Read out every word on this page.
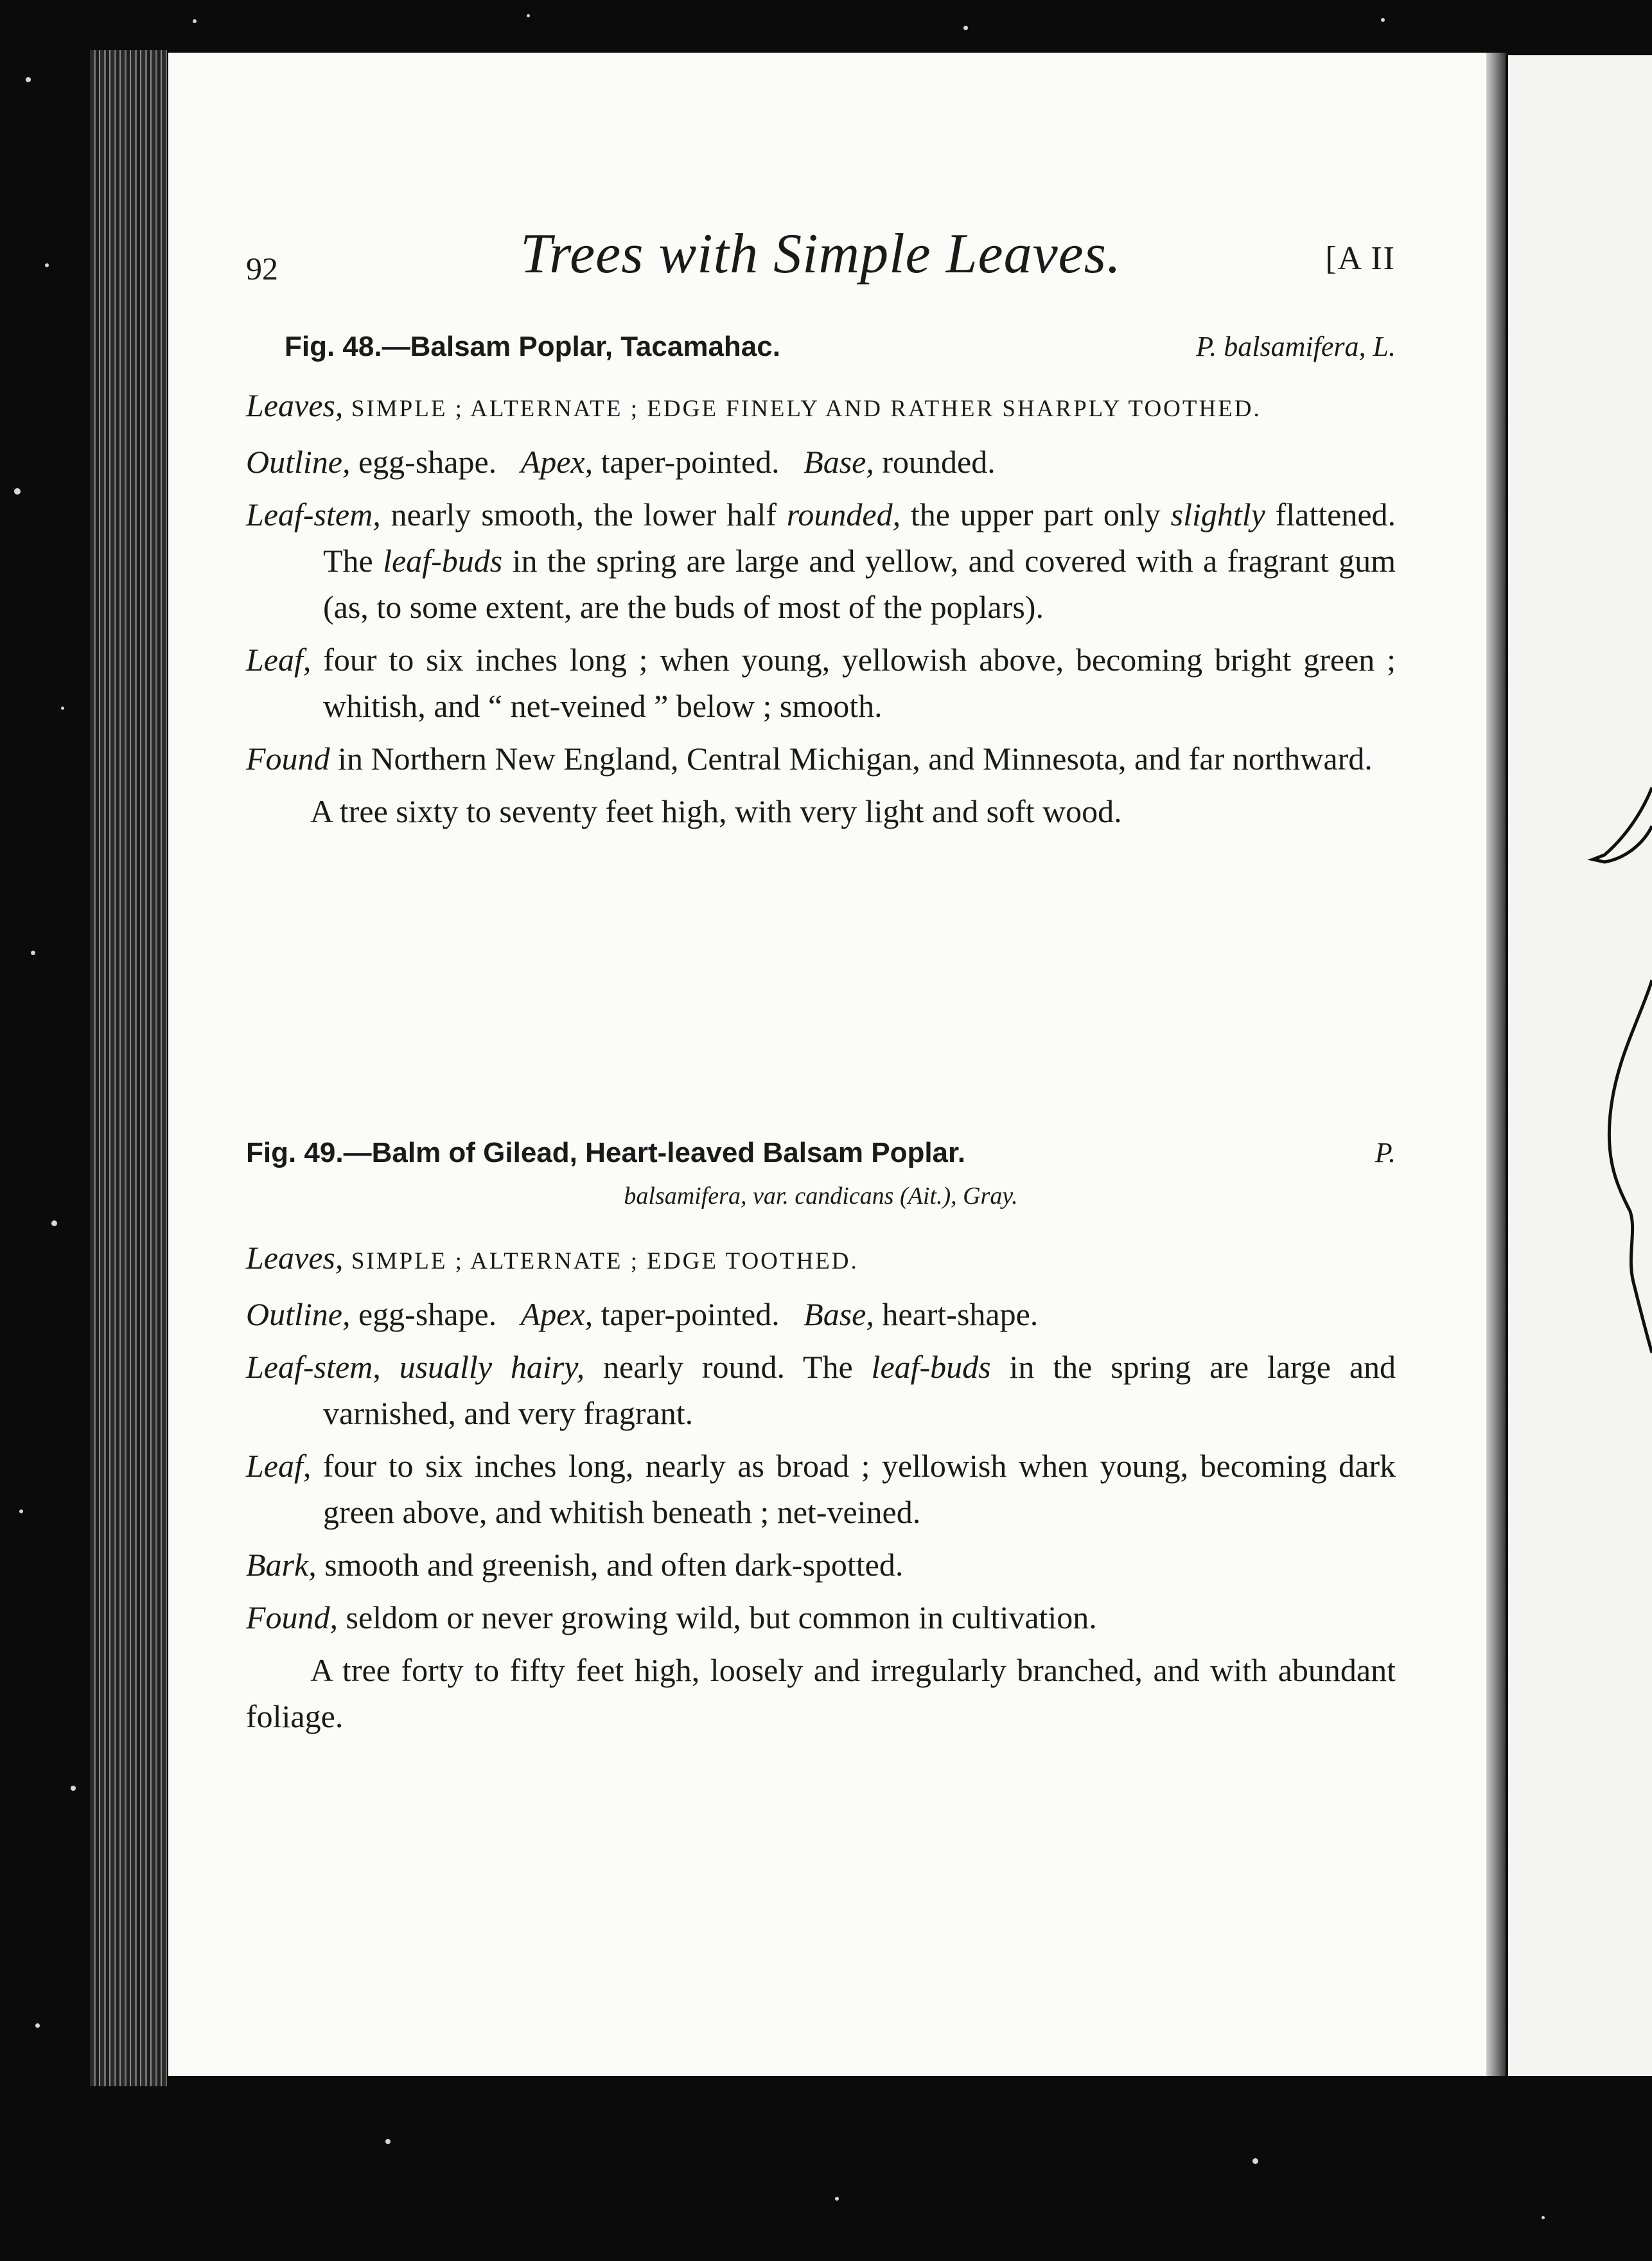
92	Trees with Simple Leaves.	[A II

Fig. 48.—Balsam Poplar, Tacamahac.	P. balsamifera, L.

Leaves, SIMPLE ; ALTERNATE ; EDGE FINELY AND RATHER SHARPLY TOOTHED.

Outline, egg-shape. Apex, taper-pointed. Base, rounded.

Leaf-stem, nearly smooth, the lower half rounded, the upper part only slightly flattened. The leaf-buds in the spring are large and yellow, and covered with a fragrant gum (as, to some extent, are the buds of most of the poplars).

Leaf, four to six inches long ; when young, yellowish above, becoming bright green ; whitish, and “ net-veined ” below ; smooth.

Found in Northern New England, Central Michigan, and Minnesota, and far northward.

A tree sixty to seventy feet high, with very light and soft wood.

Fig. 49.—Balm of Gilead, Heart-leaved Balsam Poplar.	P.

balsamifera, var. candicans (Ait.), Gray.

Leaves, SIMPLE ; ALTERNATE ; EDGE TOOTHED.

Outline, egg-shape. Apex, taper-pointed. Base, heart-shape.

Leaf-stem, usually hairy, nearly round. The leaf-buds in the spring are large and varnished, and very fragrant.

Leaf, four to six inches long, nearly as broad ; yellowish when young, becoming dark green above, and whitish beneath ; net-veined.

Bark, smooth and greenish, and often dark-spotted.

Found, seldom or never growing wild, but common in cultivation.

A tree forty to fifty feet high, loosely and irregularly branched, and with abundant foliage.
